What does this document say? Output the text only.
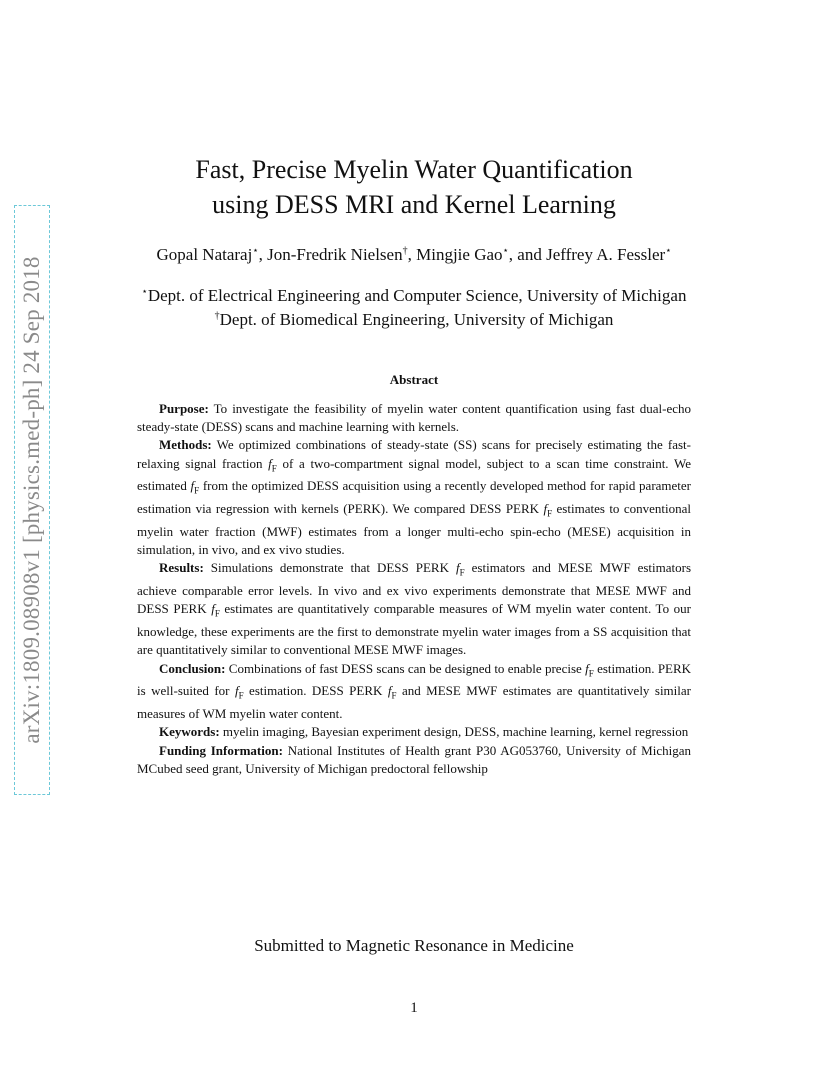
arXiv:1809.08908v1 [physics.med-ph] 24 Sep 2018
Fast, Precise Myelin Water Quantification
using DESS MRI and Kernel Learning
Gopal Nataraj⋆, Jon-Fredrik Nielsen†, Mingjie Gao⋆, and Jeffrey A. Fessler⋆
⋆Dept. of Electrical Engineering and Computer Science, University of Michigan
†Dept. of Biomedical Engineering, University of Michigan
Abstract

Purpose: To investigate the feasibility of myelin water content quantification using fast dual-echo steady-state (DESS) scans and machine learning with kernels.

Methods: We optimized combinations of steady-state (SS) scans for precisely estimating the fast-relaxing signal fraction $f_F$ of a two-compartment signal model, subject to a scan time constraint. We estimated $f_F$ from the optimized DESS acquisition using a recently developed method for rapid parameter estimation via regression with kernels (PERK). We compared DESS PERK $f_F$ estimates to conventional myelin water fraction (MWF) estimates from a longer multi-echo spin-echo (MESE) acquisition in simulation, in vivo, and ex vivo studies.

Results: Simulations demonstrate that DESS PERK $f_F$ estimators and MESE MWF estimators achieve comparable error levels. In vivo and ex vivo experiments demonstrate that MESE MWF and DESS PERK $f_F$ estimates are quantitatively comparable measures of WM myelin water content. To our knowledge, these experiments are the first to demonstrate myelin water images from a SS acquisition that are quantitatively similar to conventional MESE MWF images.

Conclusion: Combinations of fast DESS scans can be designed to enable precise $f_F$ estimation. PERK is well-suited for $f_F$ estimation. DESS PERK $f_F$ and MESE MWF estimates are quantitatively similar measures of WM myelin water content.

Keywords: myelin imaging, Bayesian experiment design, DESS, machine learning, kernel regression

Funding Information: National Institutes of Health grant P30 AG053760, University of Michigan MCubed seed grant, University of Michigan predoctoral fellowship

Submitted to Magnetic Resonance in Medicine
1
